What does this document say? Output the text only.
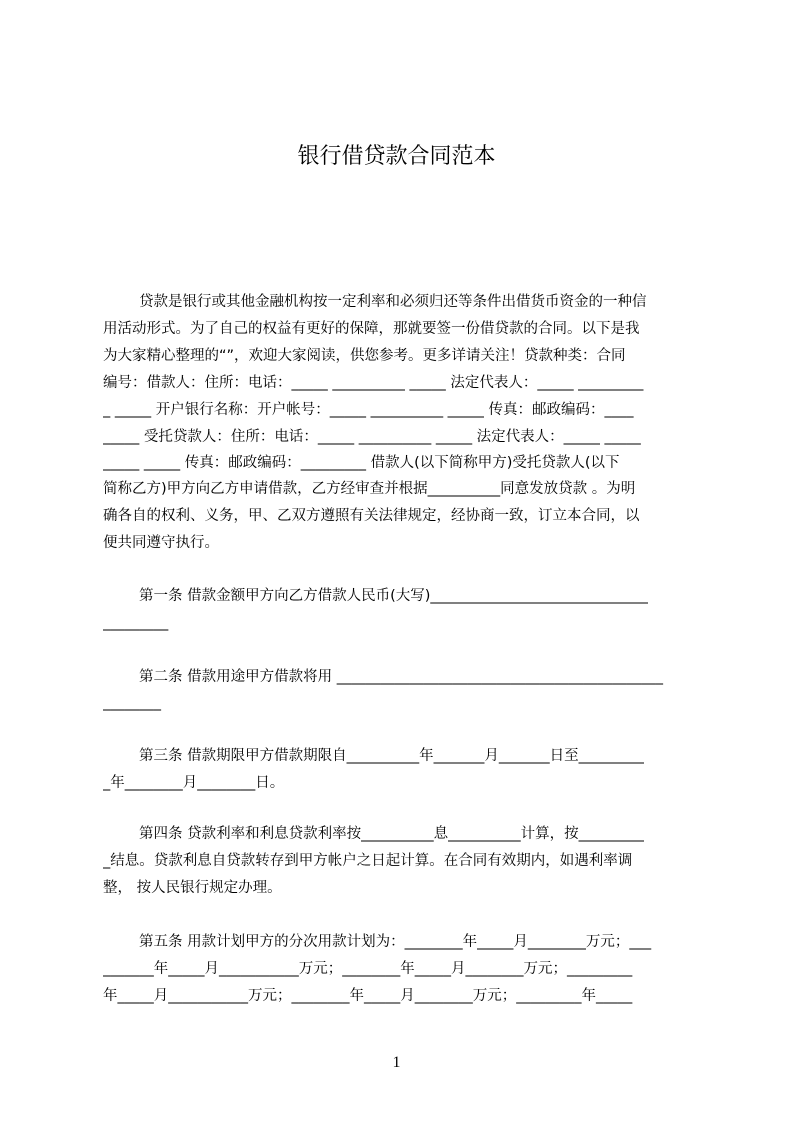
银行借贷款合同范本
贷款是银行或其他金融机构按一定利率和必须归还等条件出借货币资金的一种信
用活动形式。为了自己的权益有更好的保障，那就要签一份借贷款的合同。以下是我
为大家精心整理的“”，欢迎大家阅读，供您参考。更多详请关注！贷款种类：合同
编号：借款人：住所：电话：_____ __________ _____ 法定代表人：_____ _________
_ _____ 开户银行名称：开户帐号：_____ __________ _____ 传真：邮政编码：____
_____ 受托贷款人：住所：电话：_____ __________ _____ 法定代表人：_____ _____
_____ _____ 传真：邮政编码：_________ 借款人(以下简称甲方)受托贷款人(以下
简称乙方)甲方向乙方申请借款，乙方经审查并根据__________同意发放贷款 。为明
确各自的权利、义务，甲、乙双方遵照有关法律规定，经协商一致，订立本合同，以
便共同遵守执行。
第一条 借款金额甲方向乙方借款人民币(大写)______________________________
_________
第二条 借款用途甲方借款将用 _____________________________________________
________
第三条 借款期限甲方借款期限自__________年_______月_______日至_________
_年________月________日。
第四条 贷款利率和利息贷款利率按__________息__________计算，按_________
_结息。贷款利息自贷款转存到甲方帐户之日起计算。在合同有效期内，如遇利率调
整， 按人民银行规定办理。
第五条 用款计划甲方的分次用款计划为：________年_____月________万元；___
_______年_____月___________万元；________年_____月________万元；_________
年_____月___________万元；________年_____月________万元；_________年_____
1
